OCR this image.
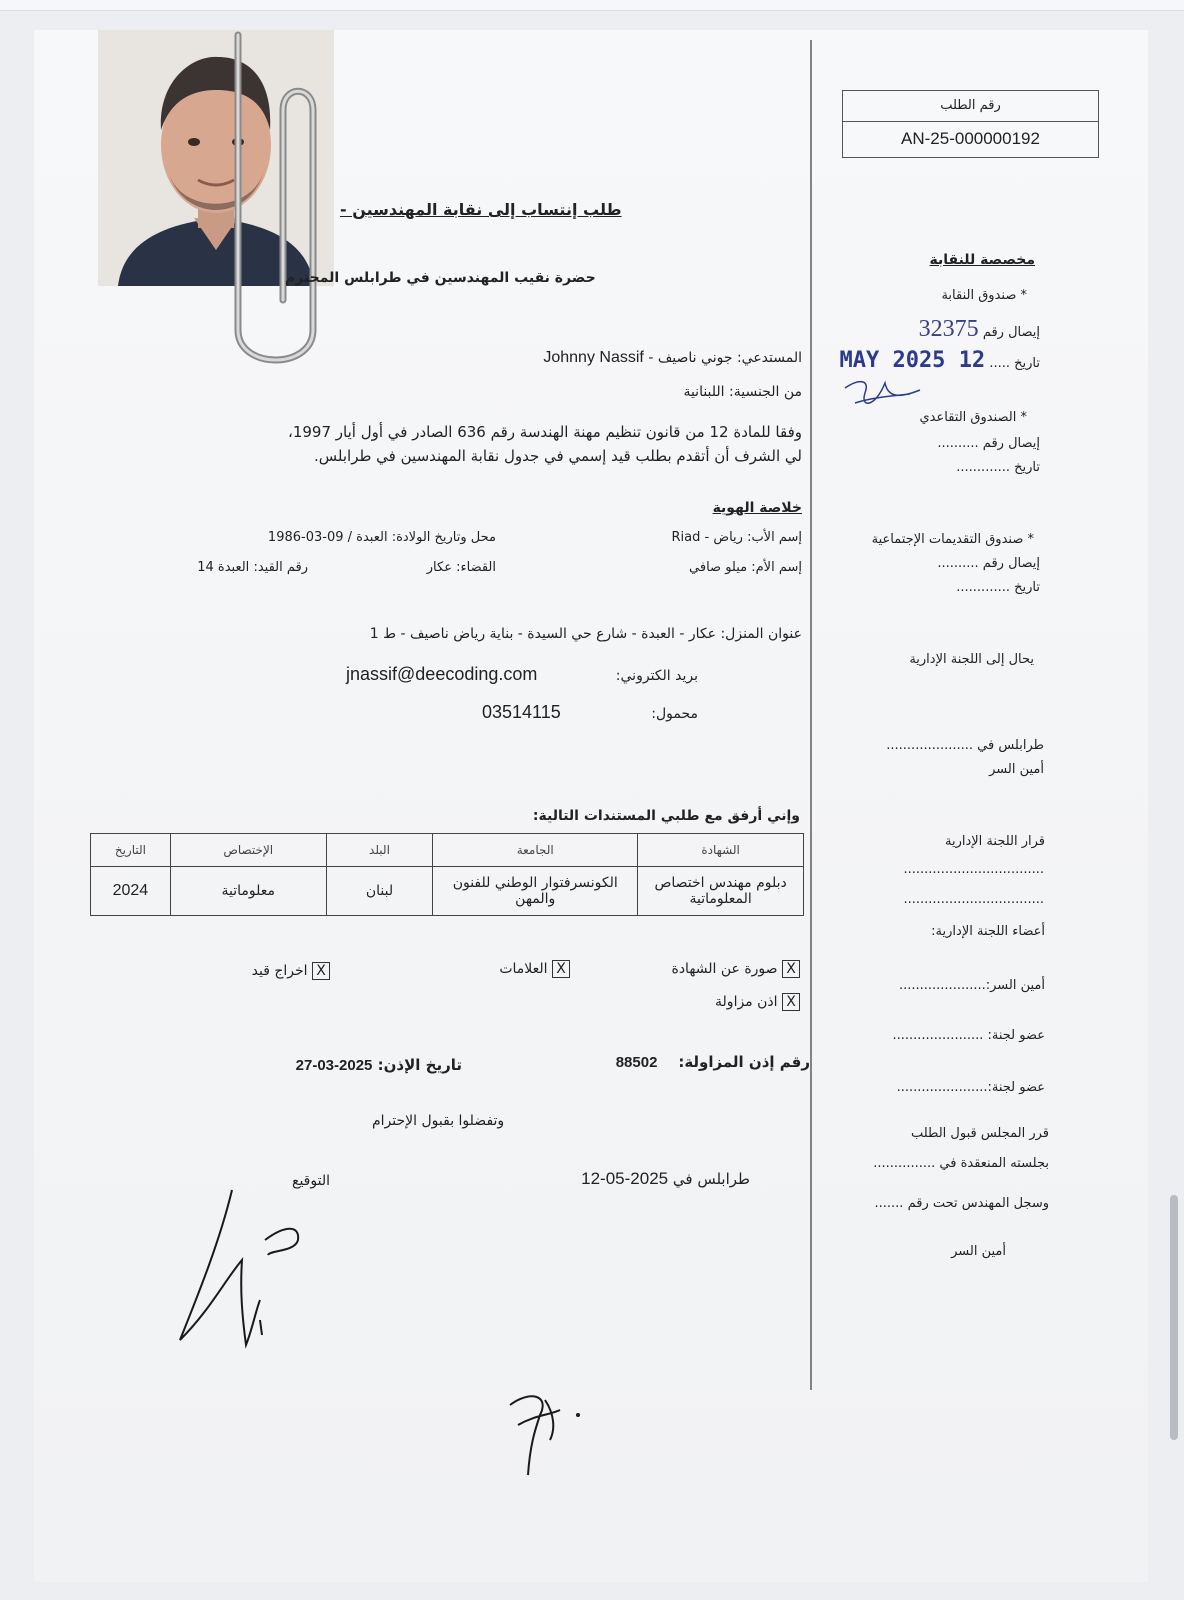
رقم الطلب
AN-25-000000192
طلب إنتساب إلى نقابة المهندسين -
حضرة نقيب المهندسين في طرابلس المحترم
المستدعي: جوني ناصيف - Johnny Nassif
من الجنسية: اللبنانية
وفقا للمادة 12 من قانون تنظيم مهنة الهندسة رقم 636 الصادر في أول أيار 1997،
لي الشرف أن أتقدم بطلب قيد إسمي في جدول نقابة المهندسين في طرابلس.
خلاصة الهوية
إسم الأب: رياض - Riad
محل وتاريخ الولادة: العبدة / 09-03-1986
إسم الأم: ميلو صافي
القضاء: عكار
رقم القيد: العبدة 14
عنوان المنزل: عكار - العبدة - شارع حي السيدة - بناية رياض ناصيف - ط 1
بريد الكتروني:
jnassif@deecoding.com
محمول:
03514115
وإني أرفق مع طلبي المستندات التالية:
الشهادة	الجامعة	البلد	الإختصاص	التاريخ
دبلوم مهندس اختصاص المعلوماتية	الكونسرفتوار الوطني للفنون والمهن	لبنان	معلوماتية	2024
X صورة عن الشهادة
X العلامات
X اخراج قيد
X اذن مزاولة
رقم إذن المزاولة:    88502
تاريخ الإذن: 2025-03-27
وتفضلوا بقبول الإحترام
طرابلس في 2025-05-12
التوقيع
مخصصة للنقابة
* صندوق النقابة
إيصال رقم 32375
تاريخ ..... 12 MAY 2025
* الصندوق التقاعدي
إيصال رقم ..........
تاريخ .............
* صندوق التقديمات الإجتماعية
إيصال رقم ..........
تاريخ .............
يحال إلى اللجنة الإدارية
طرابلس في .....................
أمين السر
قرار اللجنة الإدارية
..................................
..................................
أعضاء اللجنة الإدارية:
أمين السر:.....................
عضو لجنة: ......................
عضو لجنة:......................
قرر المجلس قبول الطلب
بجلسته المنعقدة في ...............
وسجل المهندس تحت رقم .......
أمين السر
